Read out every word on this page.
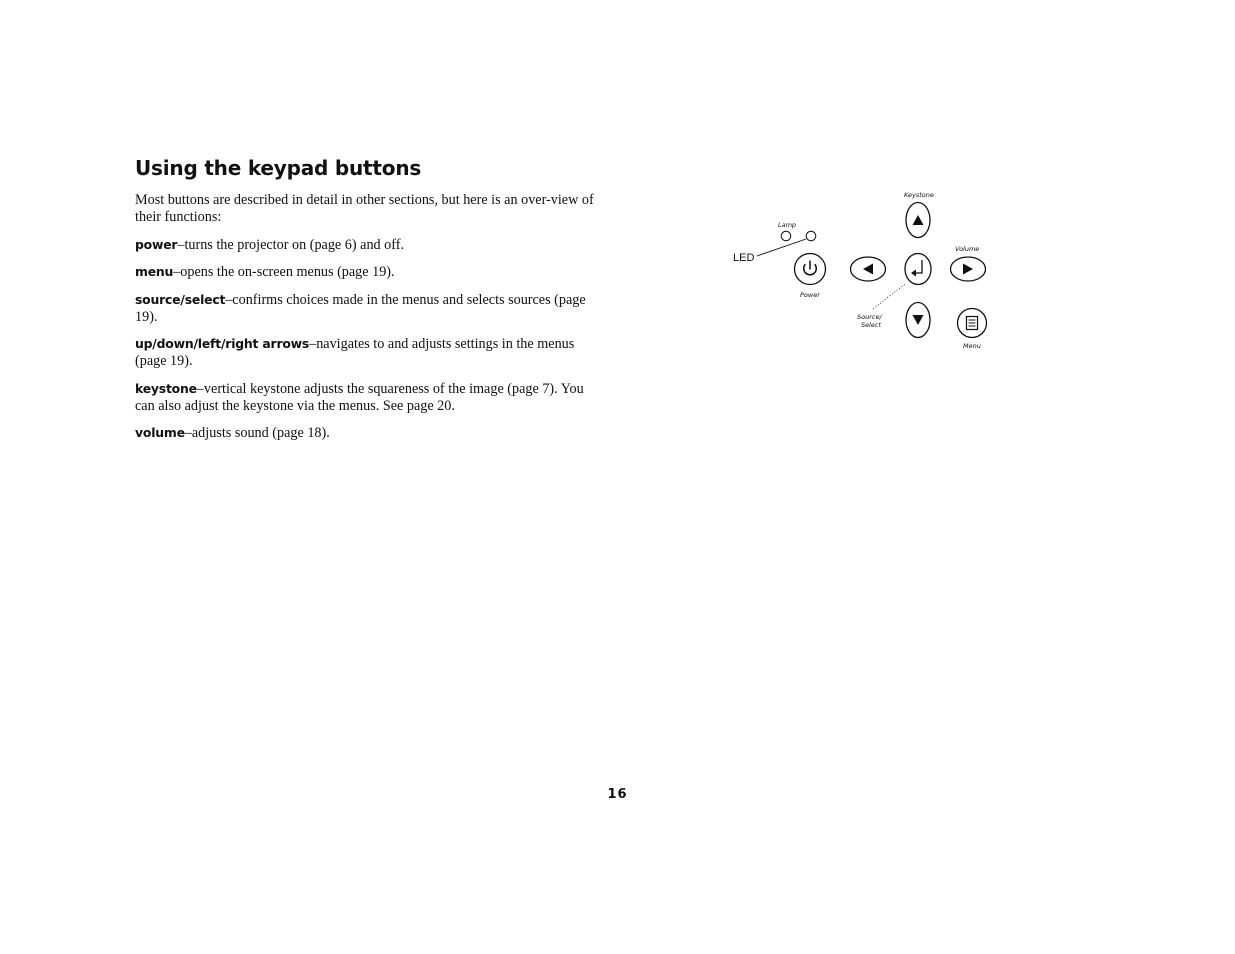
Using the keypad buttons

Most buttons are described in detail in other sections, but here is an over-view of their functions:

power–turns the projector on (page 6) and off.

menu–opens the on-screen menus (page 19).

source/select–confirms choices made in the menus and selects sources (page 19).

up/down/left/right arrows–navigates to and adjusts settings in the menus (page 19).

keystone–vertical keystone adjusts the squareness of the image (page 7). You can also adjust the keystone via the menus. See page 20.

volume–adjusts sound (page 18).

Lamp
LED
Power
Volume
Keystone
Source/
Select
Menu
16
